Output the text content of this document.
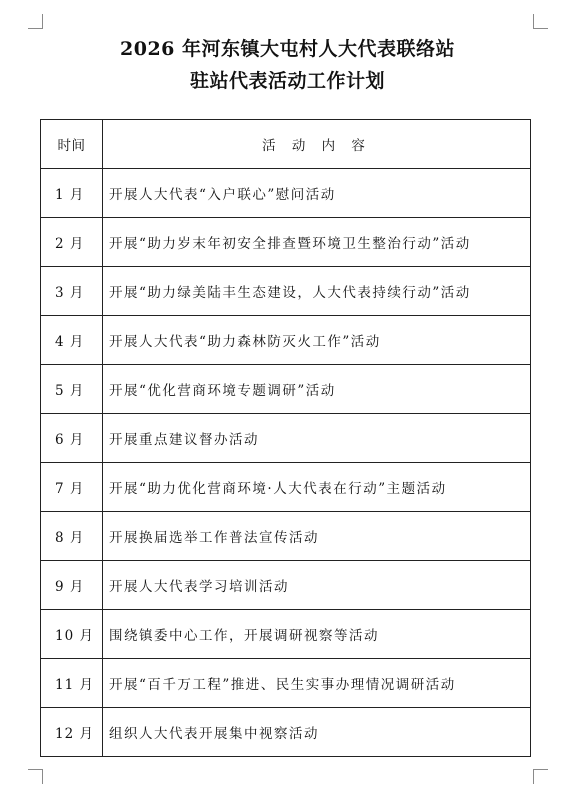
2026 年河东镇大屯村人大代表联络站
驻站代表活动工作计划
时间	活 动 内 容
1 月	开展人大代表“入户联心”慰问活动
2 月	开展“助力岁末年初安全排查暨环境卫生整治行动”活动
3 月	开展“助力绿美陆丰生态建设，人大代表持续行动”活动
4 月	开展人大代表“助力森林防灭火工作”活动
5 月	开展“优化营商环境专题调研”活动
6 月	开展重点建议督办活动
7 月	开展“助力优化营商环境·人大代表在行动”主题活动
8 月	开展换届选举工作普法宣传活动
9 月	开展人大代表学习培训活动
10 月	围绕镇委中心工作，开展调研视察等活动
11 月	开展“百千万工程”推进、民生实事办理情况调研活动
12 月	组织人大代表开展集中视察活动
